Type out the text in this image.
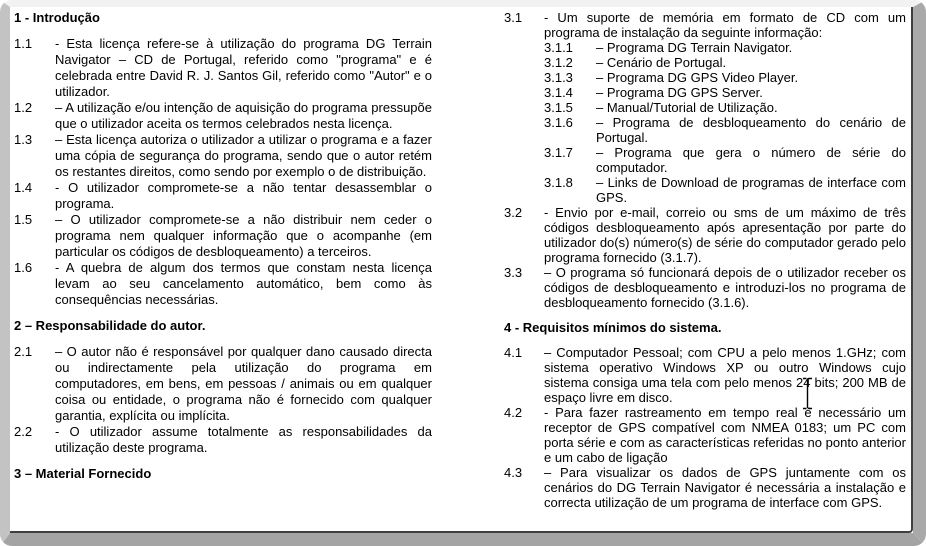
1 - Introdução
1.1	- Esta licença refere-se à utilização do programa DG Terrain Navigator – CD de Portugal, referido como "programa" e é celebrada entre David R. J. Santos Gil, referido como "Autor" e o utilizador.
1.2	– A utilização e/ou intenção de aquisição do programa pressupõe que o utilizador aceita os termos celebrados nesta licença.
1.3	– Esta licença autoriza o utilizador a utilizar o programa e a fazer uma cópia de segurança do programa, sendo que o autor retém os restantes direitos, como sendo por exemplo o de distribuição.
1.4	- O utilizador compromete-se a não tentar desassemblar o programa.
1.5	– O utilizador compromete-se a não distribuir nem ceder o programa nem qualquer informação que o acompanhe (em particular os códigos de desbloqueamento) a terceiros.
1.6	- A quebra de algum dos termos que constam nesta licença levam ao seu cancelamento automático, bem como às consequências necessárias.
2 – Responsabilidade do autor.
2.1	– O autor não é responsável por qualquer dano causado directa ou indirectamente pela utilização do programa em computadores, em bens, em pessoas / animais ou em qualquer coisa ou entidade, o programa não é fornecido com qualquer garantia, explícita ou implícita.
2.2	- O utilizador assume totalmente as responsabilidades da utilização deste programa.
3 – Material Fornecido
3.1	- Um suporte de memória em formato de CD com um programa de instalação da seguinte informação:
3.1.1	– Programa DG Terrain Navigator.
3.1.2	– Cenário de Portugal.
3.1.3	– Programa DG GPS Video Player.
3.1.4	– Programa DG GPS Server.
3.1.5	– Manual/Tutorial de Utilização.
3.1.6	– Programa de desbloqueamento do cenário de Portugal.
3.1.7	– Programa que gera o número de série do computador.
3.1.8	– Links de Download de programas de interface com GPS.
3.2	- Envio por e-mail, correio ou sms de um máximo de três códigos desbloqueamento após apresentação por parte do utilizador do(s) número(s) de série do computador gerado pelo programa fornecido (3.1.7).
3.3	– O programa só funcionará depois de o utilizador receber os códigos de desbloqueamento e introduzi-los no programa de desbloqueamento fornecido (3.1.6).
4 - Requisitos mínimos do sistema.
4.1	– Computador Pessoal; com CPU a pelo menos 1.GHz; com sistema operativo Windows XP ou outro Windows cujo sistema consiga uma tela com pelo menos 24 bits; 200 MB de espaço livre em disco.
4.2	- Para fazer rastreamento em tempo real é necessário um receptor de GPS compatível com NMEA 0183; um PC com porta série e com as características referidas no ponto anterior e um cabo de ligação
4.3	– Para visualizar os dados de GPS juntamente com os cenários do DG Terrain Navigator é necessária a instalação e correcta utilização de um programa de interface com GPS.
